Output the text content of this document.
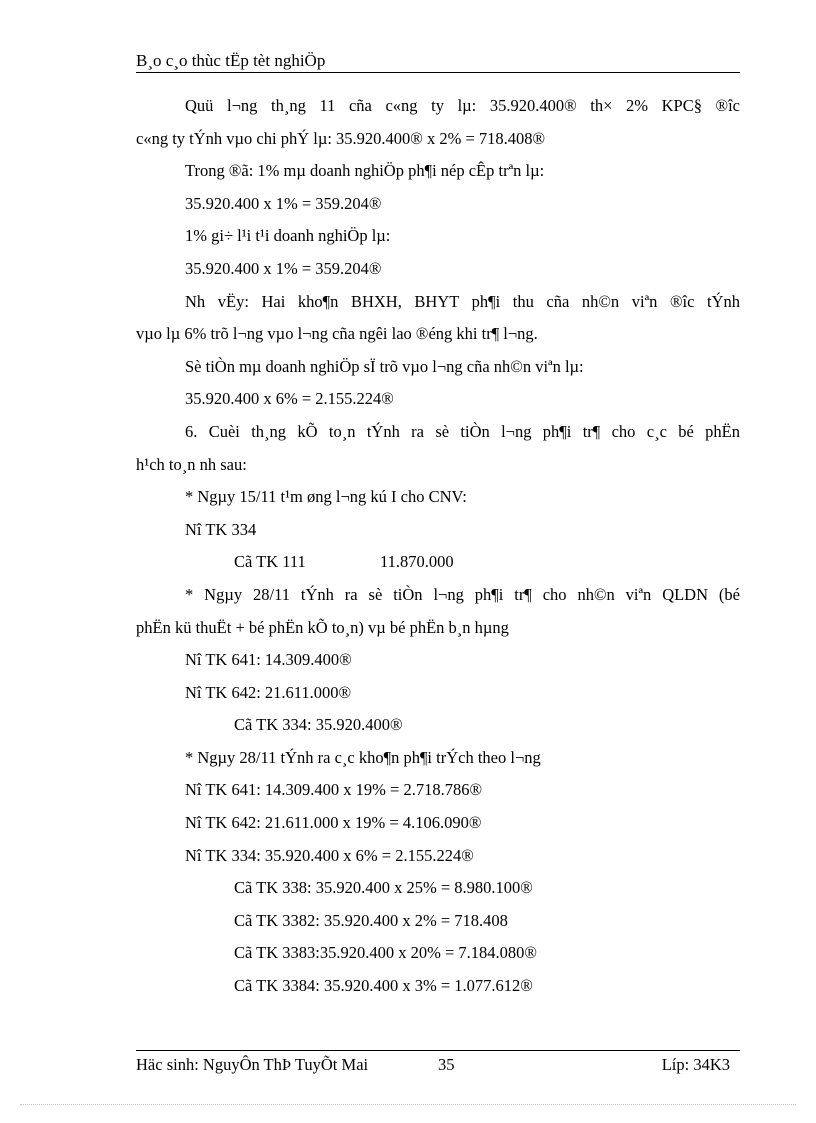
B¸o c¸o thùc tËp tèt nghiÖp
Quü l¬ng th¸ng 11 cña c«ng ty lµ: 35.920.400® th× 2% KPC§ ®îc
c«ng ty tÝnh vµo chi phÝ lµ: 35.920.400® x 2% = 718.408®
Trong ®ã: 1% mµ doanh nghiÖp ph¶i nép cÊp trªn lµ:
35.920.400 x 1% = 359.204®
1% gi÷ l¹i t¹i doanh nghiÖp lµ:
35.920.400 x 1% = 359.204®
Nh vËy: Hai kho¶n BHXH, BHYT ph¶i thu cña nh©n viªn ®îc tÝnh
vµo lµ 6% trõ l¬ng vµo l¬ng cña ngêi lao ®éng khi tr¶ l¬ng.
Sè tiÒn mµ doanh nghiÖp sÏ trõ vµo l¬ng cña nh©n viªn lµ:
35.920.400 x 6% = 2.155.224®
6. Cuèi th¸ng kÕ to¸n tÝnh ra sè tiÒn l¬ng ph¶i tr¶ cho c¸c bé phËn
h¹ch to¸n nh sau:
* Ngµy 15/11 t¹m øng l¬ng kú I cho CNV:
Nî TK 334
Cã TK 111	11.870.000
* Ngµy 28/11 tÝnh ra sè tiÒn l¬ng ph¶i tr¶ cho nh©n viªn QLDN (bé
phËn kü thuËt + bé phËn kÕ to¸n) vµ bé phËn b¸n hµng
Nî TK 641: 14.309.400®
Nî TK 642: 21.611.000®
Cã TK 334: 35.920.400®
* Ngµy 28/11 tÝnh ra c¸c kho¶n ph¶i trÝch theo l¬ng
Nî TK 641: 14.309.400 x 19% = 2.718.786®
Nî TK 642: 21.611.000 x 19% = 4.106.090®
Nî TK 334: 35.920.400 x 6% = 2.155.224®
Cã TK 338: 35.920.400 x 25% = 8.980.100®
Cã TK 3382: 35.920.400 x 2% = 718.408
Cã TK 3383:35.920.400 x 20% = 7.184.080®
Cã TK 3384: 35.920.400 x 3% = 1.077.612®
Häc sinh: NguyÔn ThÞ TuyÕt Mai	35	Líp: 34K3
